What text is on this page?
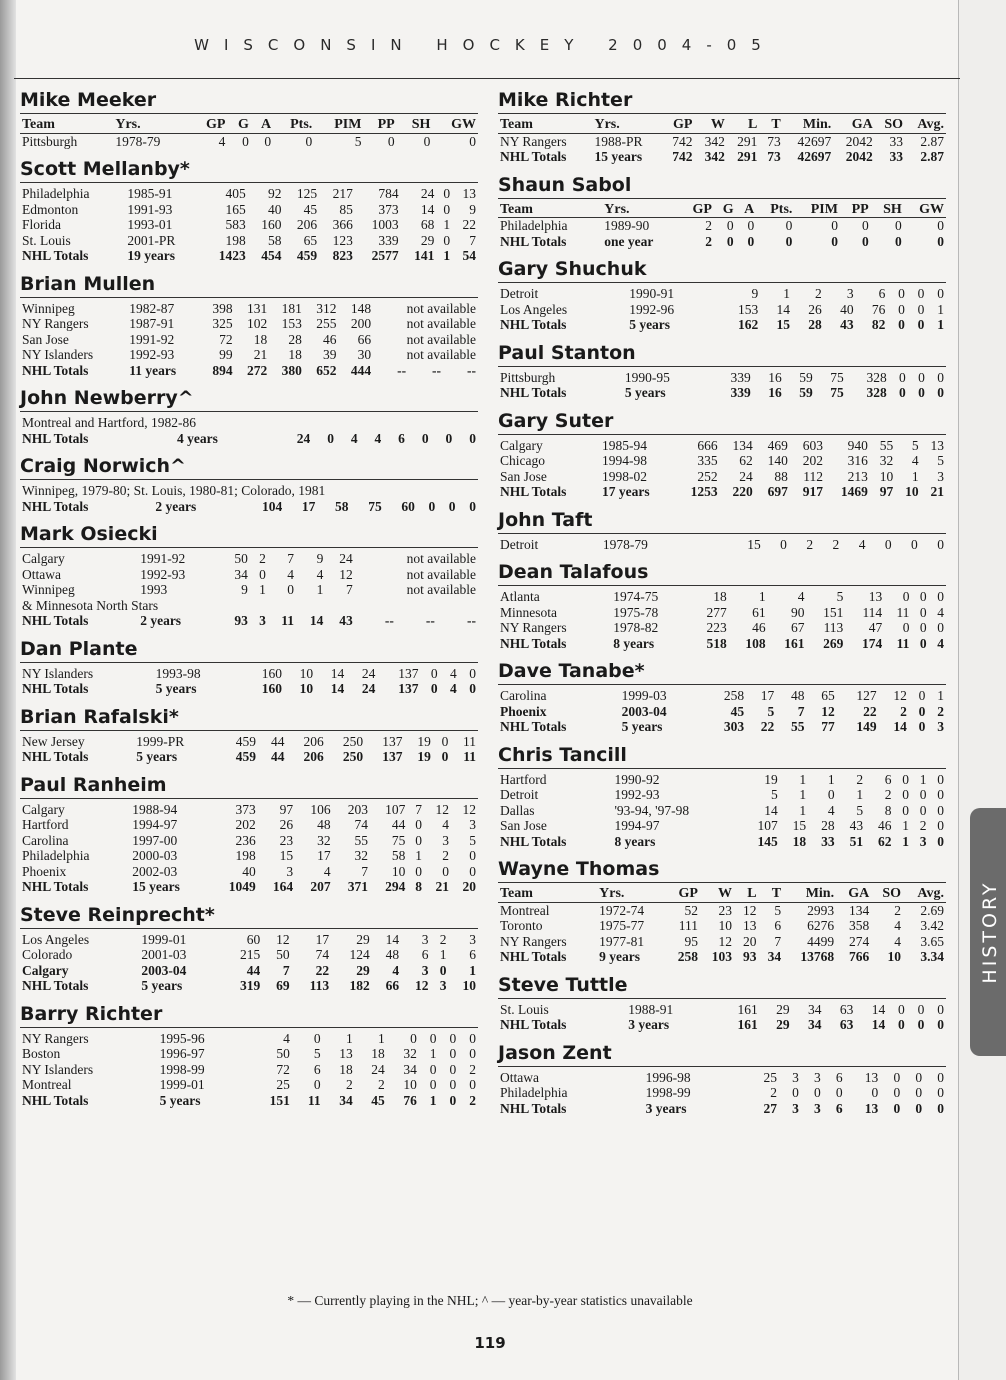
WISCONSIN HOCKEY 2004-05
Mike Meeker
Team	Yrs.	GP	G	A	Pts.	PIM	PP	SH	GW
Pittsburgh	1978-79	4	0	0	0	5	0	0	0
Scott Mellanby*
Philadelphia	1985-91	405	92	125	217	784	24	0	13
Edmonton	1991-93	165	40	45	85	373	14	0	9
Florida	1993-01	583	160	206	366	1003	68	1	22
St. Louis	2001-PR	198	58	65	123	339	29	0	7
NHL Totals	19 years	1423	454	459	823	2577	141	1	54
Brian Mullen
Winnipeg	1982-87	398	131	181	312	148	not available		
NY Rangers	1987-91	325	102	153	255	200	not available		
San Jose	1991-92	72	18	28	46	66	not available		
NY Islanders	1992-93	99	21	18	39	30	not available		
NHL Totals	11 years	894	272	380	652	444	--	--	--
John Newberry^
Montreal and Hartford, 1982-86
NHL Totals	4 years	24	0	4	4	6	0	0	0
Craig Norwich^
Winnipeg, 1979-80; St. Louis, 1980-81; Colorado, 1981
NHL Totals	2 years	104	17	58	75	60	0	0	0
Mark Osiecki
Calgary	1991-92	50	2	7	9	24	not available		
Ottawa	1992-93	34	0	4	4	12	not available		
Winnipeg	1993	9	1	0	1	7	not available		
& Minnesota North Stars									
NHL Totals	2 years	93	3	11	14	43	--	--	--
Dan Plante
NY Islanders	1993-98	160	10	14	24	137	0	4	0
NHL Totals	5 years	160	10	14	24	137	0	4	0
Brian Rafalski*
New Jersey	1999-PR	459	44	206	250	137	19	0	11
NHL Totals	5 years	459	44	206	250	137	19	0	11
Paul Ranheim
Calgary	1988-94	373	97	106	203	107	7	12	12
Hartford	1994-97	202	26	48	74	44	0	4	3
Carolina	1997-00	236	23	32	55	75	0	3	5
Philadelphia	2000-03	198	15	17	32	58	1	2	0
Phoenix	2002-03	40	3	4	7	10	0	0	0
NHL Totals	15 years	1049	164	207	371	294	8	21	20
Steve Reinprecht*
Los Angeles	1999-01	60	12	17	29	14	3	2	3
Colorado	2001-03	215	50	74	124	48	6	1	6
Calgary	2003-04	44	7	22	29	4	3	0	1
NHL Totals	5 years	319	69	113	182	66	12	3	10
Barry Richter
NY Rangers	1995-96	4	0	1	1	0	0	0	0
Boston	1996-97	50	5	13	18	32	1	0	0
NY Islanders	1998-99	72	6	18	24	34	0	0	2
Montreal	1999-01	25	0	2	2	10	0	0	0
NHL Totals	5 years	151	11	34	45	76	1	0	2
Mike Richter
Team	Yrs.	GP	W	L	T	Min.	GA	SO	Avg.
NY Rangers	1988-PR	742	342	291	73	42697	2042	33	2.87
NHL Totals	15 years	742	342	291	73	42697	2042	33	2.87
Shaun Sabol
Team	Yrs.	GP	G	A	Pts.	PIM	PP	SH	GW
Philadelphia	1989-90	2	0	0	0	0	0	0	0
NHL Totals	one year	2	0	0	0	0	0	0	0
Gary Shuchuk
Detroit	1990-91	9	1	2	3	6	0	0	0
Los Angeles	1992-96	153	14	26	40	76	0	0	1
NHL Totals	5 years	162	15	28	43	82	0	0	1
Paul Stanton
Pittsburgh	1990-95	339	16	59	75	328	0	0	0
NHL Totals	5 years	339	16	59	75	328	0	0	0
Gary Suter
Calgary	1985-94	666	134	469	603	940	55	5	13
Chicago	1994-98	335	62	140	202	316	32	4	5
San Jose	1998-02	252	24	88	112	213	10	1	3
NHL Totals	17 years	1253	220	697	917	1469	97	10	21
John Taft
Detroit	1978-79	15	0	2	2	4	0	0	0
Dean Talafous
Atlanta	1974-75	18	1	4	5	13	0	0	0
Minnesota	1975-78	277	61	90	151	114	11	0	4
NY Rangers	1978-82	223	46	67	113	47	0	0	0
NHL Totals	8 years	518	108	161	269	174	11	0	4
Dave Tanabe*
Carolina	1999-03	258	17	48	65	127	12	0	1
Phoenix	2003-04	45	5	7	12	22	2	0	2
NHL Totals	5 years	303	22	55	77	149	14	0	3
Chris Tancill
Hartford	1990-92	19	1	1	2	6	0	1	0
Detroit	1992-93	5	1	0	1	2	0	0	0
Dallas	'93-94, '97-98	14	1	4	5	8	0	0	0
San Jose	1994-97	107	15	28	43	46	1	2	0
NHL Totals	8 years	145	18	33	51	62	1	3	0
Wayne Thomas
Team	Yrs.	GP	W	L	T	Min.	GA	SO	Avg.
Montreal	1972-74	52	23	12	5	2993	134	2	2.69
Toronto	1975-77	111	10	13	6	6276	358	4	3.42
NY Rangers	1977-81	95	12	20	7	4499	274	4	3.65
NHL Totals	9 years	258	103	93	34	13768	766	10	3.34
Steve Tuttle
St. Louis	1988-91	161	29	34	63	14	0	0	0
NHL Totals	3 years	161	29	34	63	14	0	0	0
Jason Zent
Ottawa	1996-98	25	3	3	6	13	0	0	0
Philadelphia	1998-99	2	0	0	0	0	0	0	0
NHL Totals	3 years	27	3	3	6	13	0	0	0
HISTORY
* — Currently playing in the NHL; ^ — year-by-year statistics unavailable
119
